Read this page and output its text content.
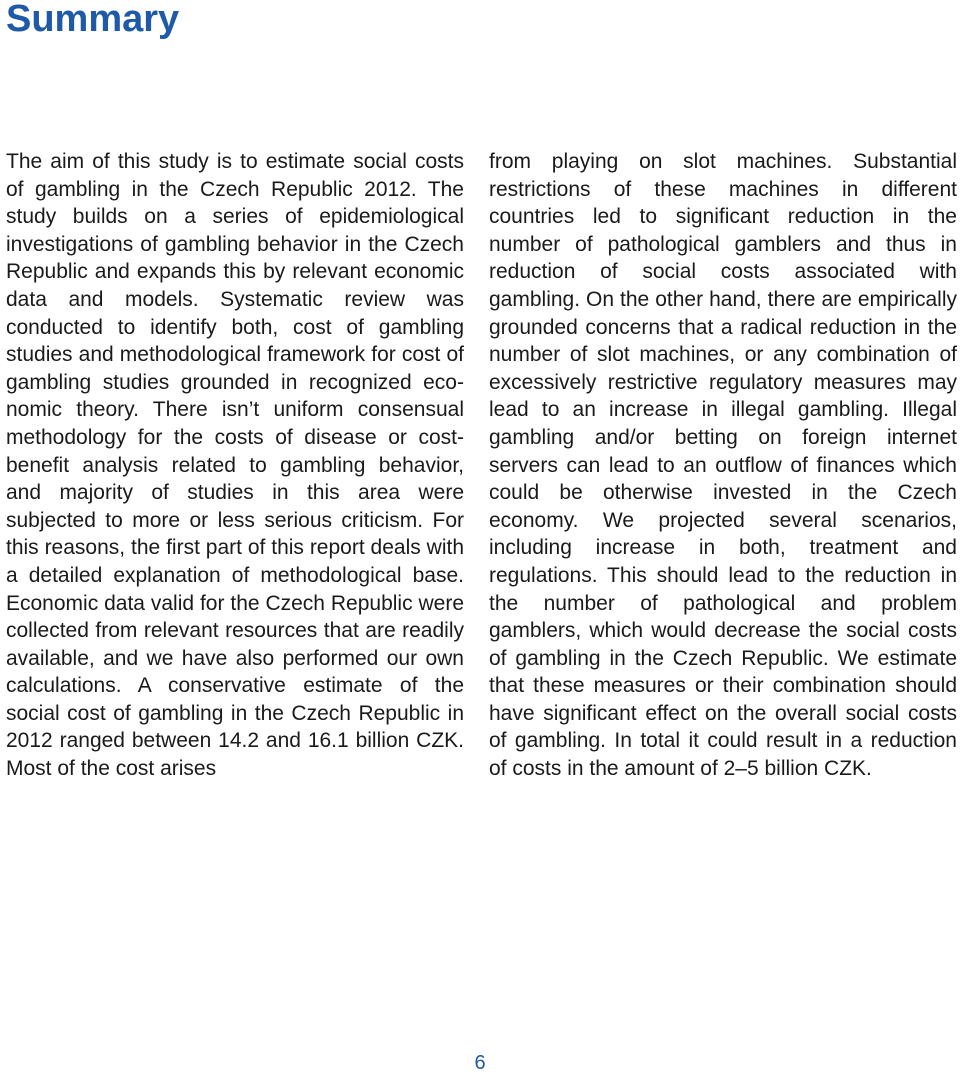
Summary

The aim of this study is to estimate social costs of gambling in the Czech Republic 2012. The study builds on a series of epidemiological investigations of gambling behavior in the Czech Republic and expands this by relevant economic data and models. Systematic review was conducted to identify both, cost of gambling studies and methodological framework for cost of gambling studies grounded in recognized economic theory. There isn’t uniform consensual methodology for the costs of disease or cost-benefit analysis related to gambling behavior, and majority of studies in this area were subjected to more or less serious criticism. For this reasons, the first part of this report deals with a detailed explanation of methodological base. Economic data valid for the Czech Republic were collected from relevant resources that are readily available, and we have also performed our own calculations. A conservative estimate of the social cost of gambling in the Czech Republic in 2012 ranged between 14.2 and 16.1 billion CZK. Most of the cost arises

from playing on slot machines. Substantial restrictions of these machines in different countries led to significant reduction in the number of pathological gamblers and thus in reduction of social costs associated with gambling. On the other hand, there are empirically grounded concerns that a radical reduction in the number of slot machines, or any combination of excessively restrictive regulatory measures may lead to an increase in illegal gambling. Illegal gambling and/or betting on foreign internet servers can lead to an outflow of finances which could be otherwise invested in the Czech economy. We projected several scenarios, including increase in both, treatment and regulations. This should lead to the reduction in the number of pathological and problem gamblers, which would decrease the social costs of gambling in the Czech Republic. We estimate that these measures or their combination should have significant effect on the overall social costs of gambling. In total it could result in a reduction of costs in the amount of 2–5 billion CZK.

6
